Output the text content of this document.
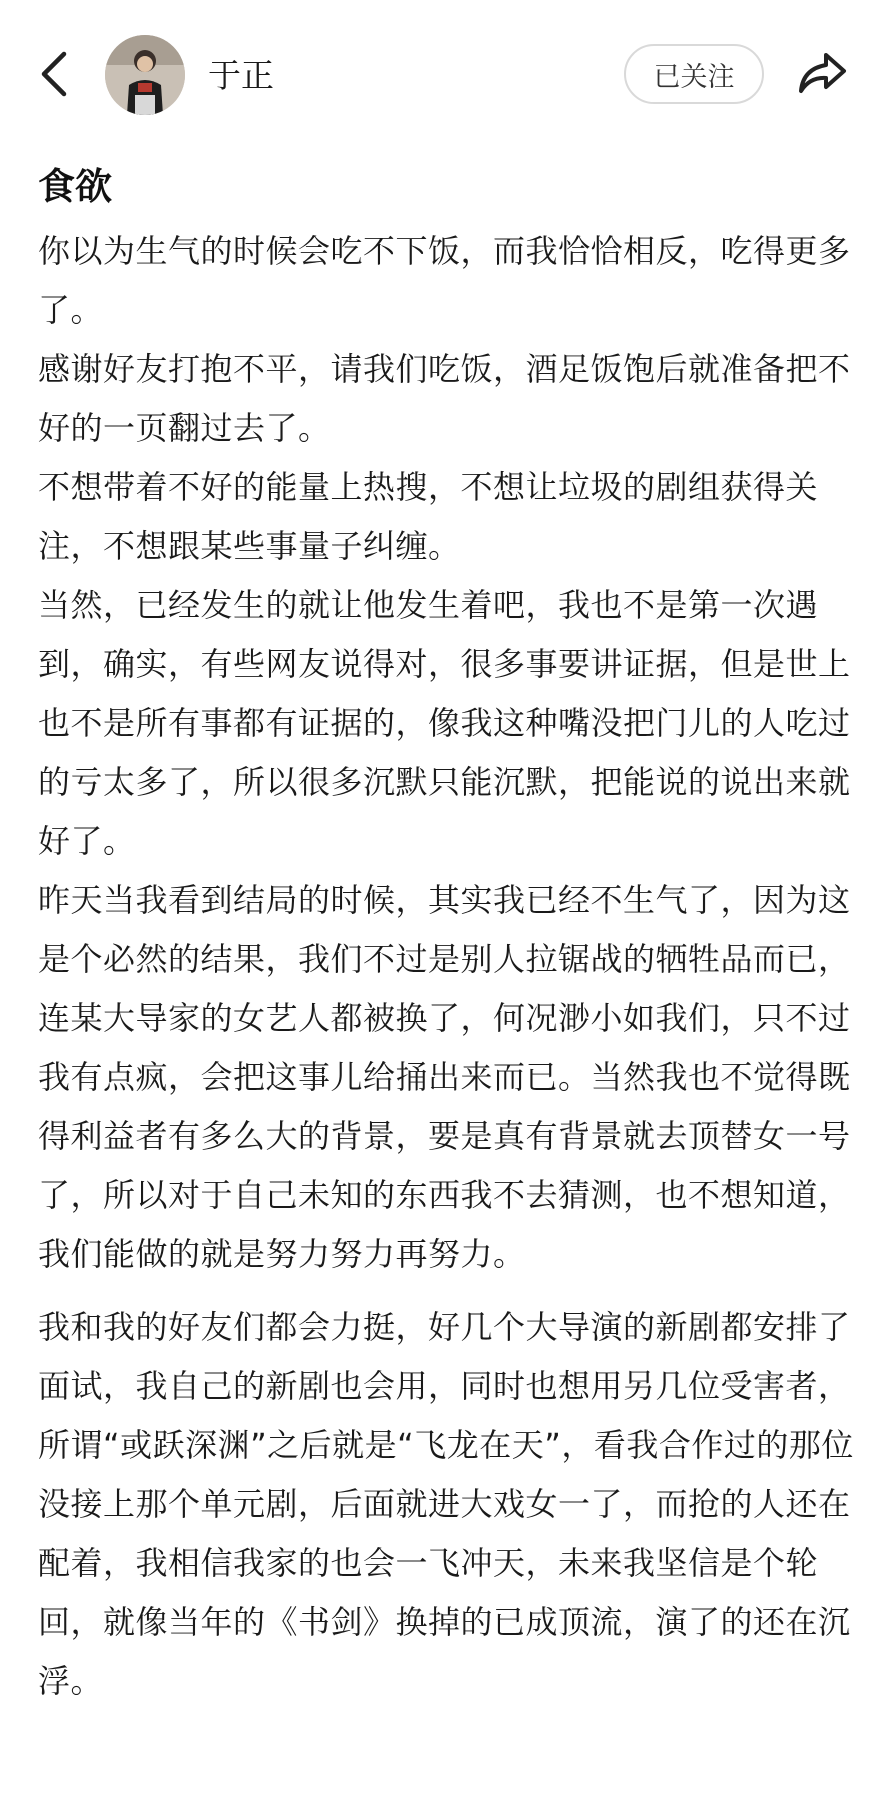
于正	已关注
食欲

你以为生气的时候会吃不下饭，而我恰恰相反，吃得更多了。

感谢好友打抱不平，请我们吃饭，酒足饭饱后就准备把不好的一页翻过去了。

不想带着不好的能量上热搜，不想让垃圾的剧组获得关注，不想跟某些事量子纠缠。

当然，已经发生的就让他发生着吧，我也不是第一次遇到，确实，有些网友说得对，很多事要讲证据，但是世上也不是所有事都有证据的，像我这种嘴没把门儿的人吃过的亏太多了，所以很多沉默只能沉默，把能说的说出来就好了。

昨天当我看到结局的时候，其实我已经不生气了，因为这是个必然的结果，我们不过是别人拉锯战的牺牲品而已，连某大导家的女艺人都被换了，何况渺小如我们，只不过我有点疯，会把这事儿给捅出来而已。当然我也不觉得既得利益者有多么大的背景，要是真有背景就去顶替女一号了，所以对于自己未知的东西我不去猜测，也不想知道，我们能做的就是努力努力再努力。

我和我的好友们都会力挺，好几个大导演的新剧都安排了面试，我自己的新剧也会用，同时也想用另几位受害者，所谓“或跃深渊”之后就是“飞龙在天”，看我合作过的那位没接上那个单元剧，后面就进大戏女一了，而抢的人还在配着，我相信我家的也会一飞冲天，未来我坚信是个轮回，就像当年的《书剑》换掉的已成顶流，演了的还在沉浮。
